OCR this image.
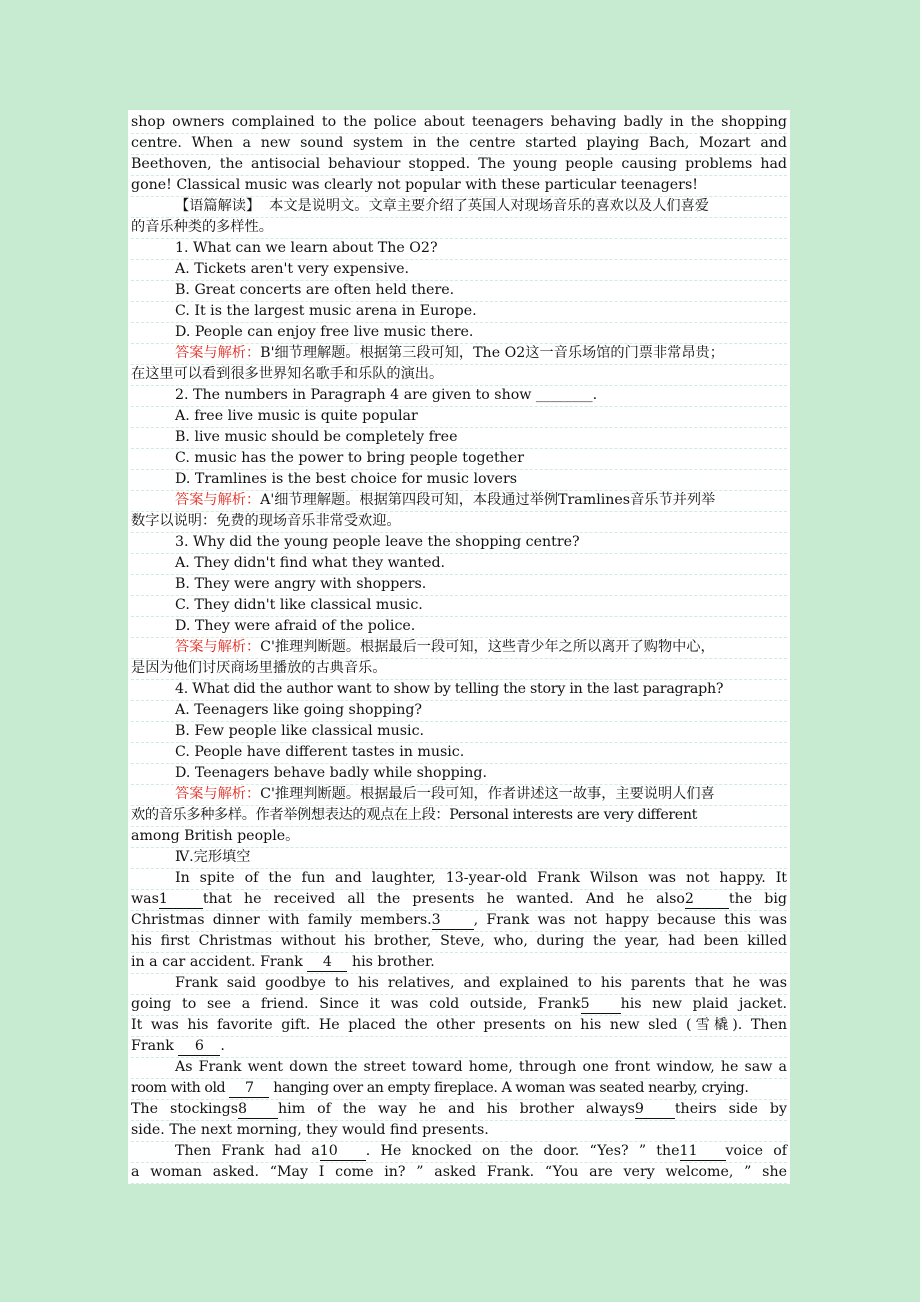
shop owners complained to the police about teenagers behaving badly in the shopping
centre. When a new sound system in the centre started playing Bach, Mozart and
Beethoven, the antisocial behaviour stopped. The young people causing problems had
gone! Classical music was clearly not popular with these particular teenagers!
【语篇解读】 本文是说明文。文章主要介绍了英国人对现场音乐的喜欢以及人们喜爱
的音乐种类的多样性。
1. What can we learn about The O2?
A. Tickets aren't very expensive.
B. Great concerts are often held there.
C. It is the largest music arena in Europe.
D. People can enjoy free live music there.
答案与解析：B'细节理解题。根据第三段可知，The O2这一音乐场馆的门票非常昂贵；
在这里可以看到很多世界知名歌手和乐队的演出。
2. The numbers in Paragraph 4 are given to show ________.
A. free live music is quite popular
B. live music should be completely free
C. music has the power to bring people together
D. Tramlines is the best choice for music lovers
答案与解析：A'细节理解题。根据第四段可知，本段通过举例Tramlines音乐节并列举
数字以说明：免费的现场音乐非常受欢迎。
3. Why did the young people leave the shopping centre?
A. They didn't find what they wanted.
B. They were angry with shoppers.
C. They didn't like classical music.
D. They were afraid of the police.
答案与解析：C'推理判断题。根据最后一段可知，这些青少年之所以离开了购物中心，
是因为他们讨厌商场里播放的古典音乐。
4. What did the author want to show by telling the story in the last paragraph?
A. Teenagers like going shopping?
B. Few people like classical music.
C. People have different tastes in music.
D. Teenagers behave badly while shopping.
答案与解析：C'推理判断题。根据最后一段可知，作者讲述这一故事，主要说明人们喜
欢的音乐多种多样。作者举例想表达的观点在上段：Personal interests are very different
among British people。
Ⅳ.完形填空
In spite of the fun and laughter, 13-year-old Frank Wilson was not happy. It
was1 that he received all the presents he wanted. And he also2 the big
Christmas dinner with family members.3 , Frank was not happy because this was
his first Christmas without his brother, Steve, who, during the year, had been killed
in a car accident. Frank 4 his brother.
Frank said goodbye to his relatives, and explained to his parents that he was
going to see a friend. Since it was cold outside, Frank5 his new plaid jacket.
It was his favorite gift. He placed the other presents on his new sled (雪橇). Then
Frank 6 .
As Frank went down the street toward home, through one front window, he saw a
room with old 7 hanging over an empty fireplace. A woman was seated nearby, crying.
The stockings8 him of the way he and his brother always9 theirs side by
side. The next morning, they would find presents.
Then Frank had a10 . He knocked on the door. “Yes? ” the11 voice of
a woman asked. “May I come in? ” asked Frank. “You are very welcome, ” she
